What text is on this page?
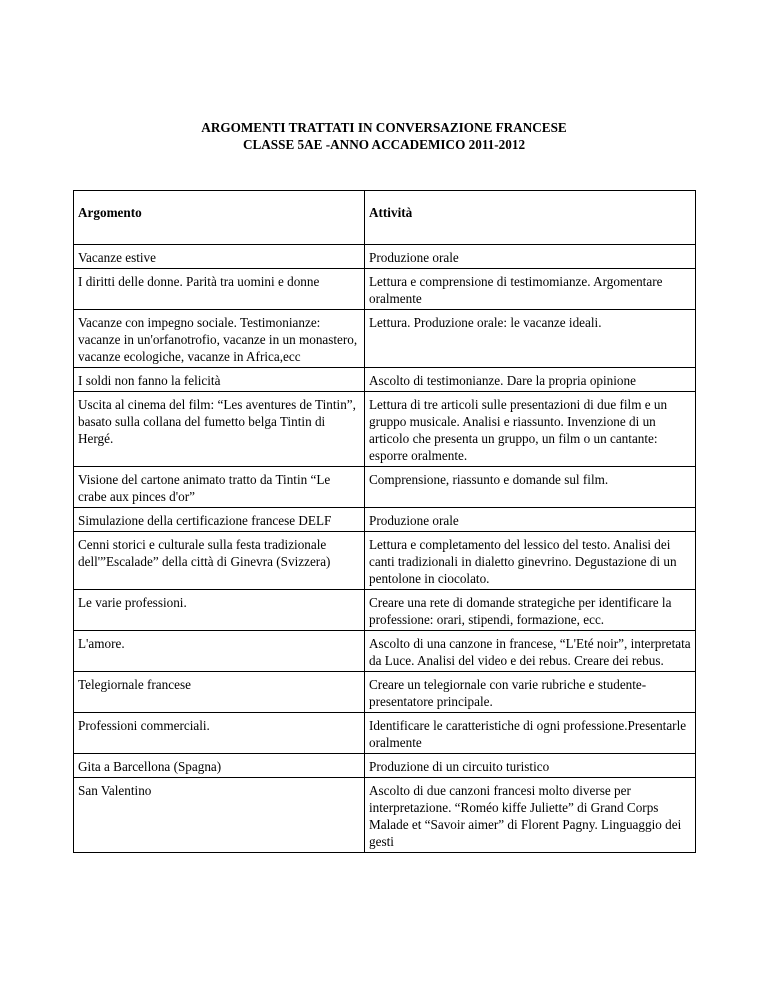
ARGOMENTI TRATTATI IN CONVERSAZIONE FRANCESE
CLASSE 5AE -ANNO ACCADEMICO 2011-2012
Argomento	Attività
Vacanze estive	Produzione orale
I diritti delle donne. Parità tra uomini e donne	Lettura e comprensione di testimomianze. Argomentare oralmente
Vacanze con impegno sociale. Testimonianze: vacanze in un'orfanotrofio, vacanze in un monastero, vacanze ecologiche, vacanze in Africa,ecc	Lettura. Produzione orale: le vacanze ideali.
I soldi non fanno la felicità	Ascolto di testimonianze. Dare la propria opinione
Uscita al cinema del film: “Les aventures de Tintin”, basato sulla collana del fumetto belga Tintin di Hergé.	Lettura di tre articoli sulle presentazioni di due film e un gruppo musicale. Analisi e riassunto. Invenzione di un articolo che presenta un gruppo, un film o un cantante: esporre oralmente.
Visione del cartone animato tratto da Tintin “Le crabe aux pinces d'or”	Comprensione, riassunto e domande sul film.
Simulazione della certificazione francese DELF	Produzione orale
Cenni storici e culturale sulla festa tradizionale dell'”Escalade” della città di Ginevra (Svizzera)	Lettura e completamento del lessico del testo. Analisi dei canti tradizionali in dialetto ginevrino. Degustazione di un pentolone in ciocolato.
Le varie professioni.	Creare una rete di domande strategiche per identificare la professione: orari, stipendi, formazione, ecc.
L'amore.	Ascolto di una canzone in francese, “L'Eté noir”, interpretata da Luce. Analisi del video e dei rebus. Creare dei rebus.
Telegiornale francese	Creare un telegiornale con varie rubriche e studente-presentatore principale.
Professioni commerciali.	Identificare le caratteristiche di ogni professione.Presentarle oralmente
Gita a Barcellona (Spagna)	Produzione di un circuito turistico
San Valentino	Ascolto di due canzoni francesi molto diverse per interpretazione. “Roméo kiffe Juliette” di Grand Corps Malade et “Savoir aimer” di Florent Pagny. Linguaggio dei gesti
